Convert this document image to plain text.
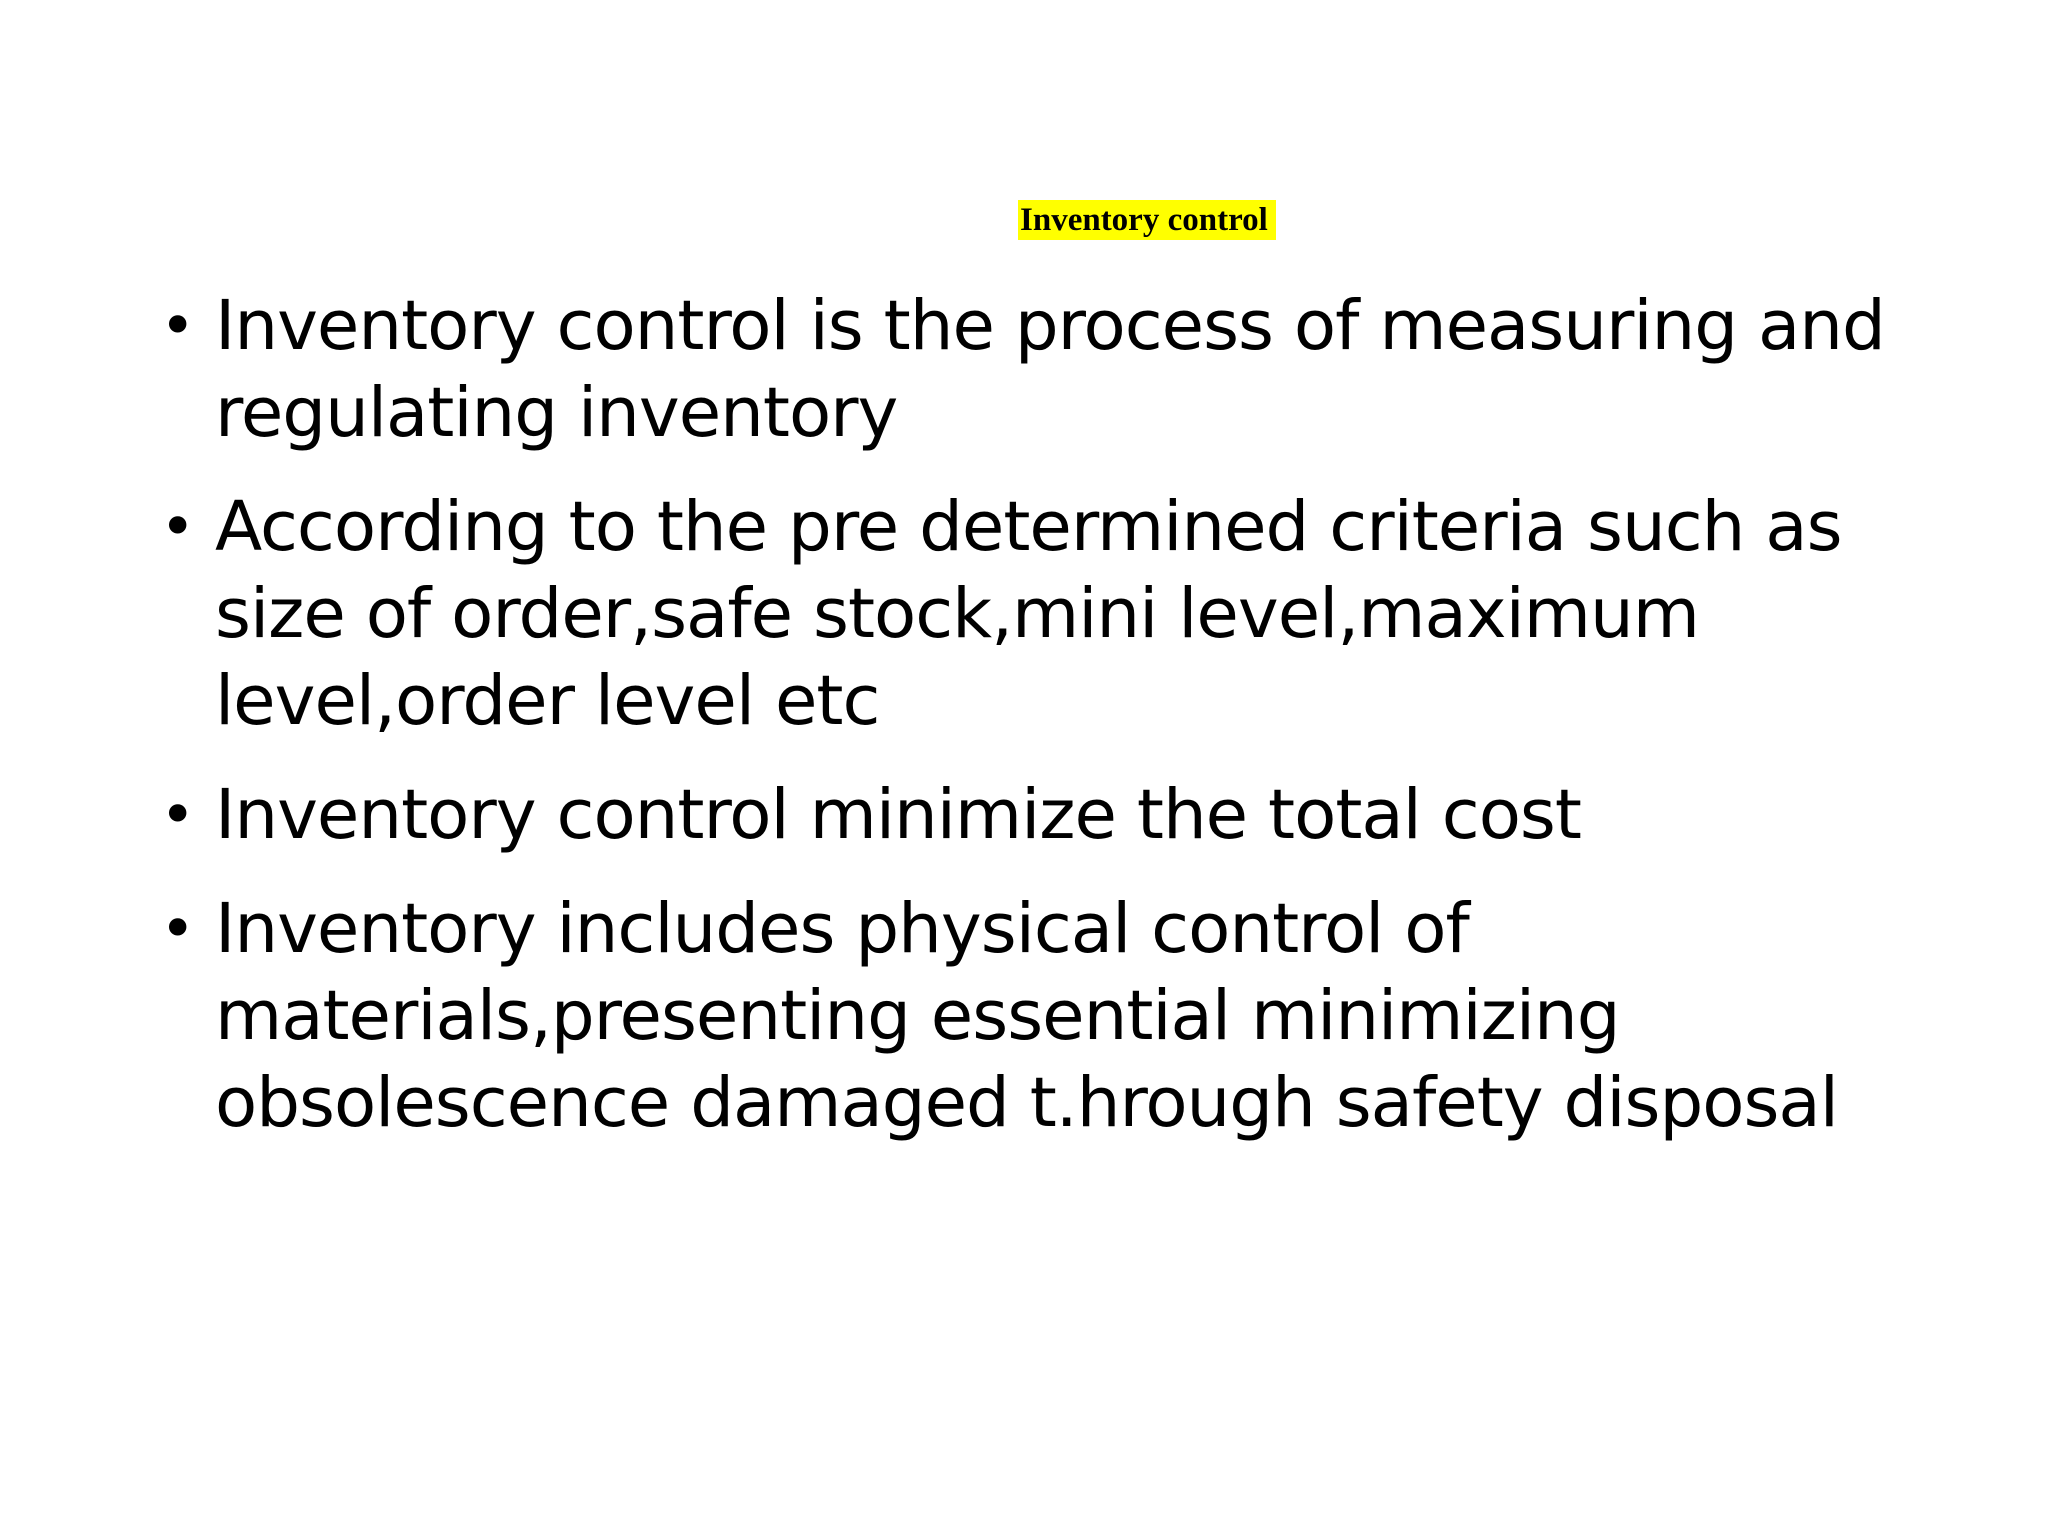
Inventory control
• Inventory control is the process of measuring and regulating inventory
• According to the pre determined criteria such as size of order,safe stock,mini level,maximum level,order level etc
• Inventory control minimize the total cost
• Inventory includes physical control of materials,presenting essential minimizing obsolescence damaged t.hrough safety disposal
